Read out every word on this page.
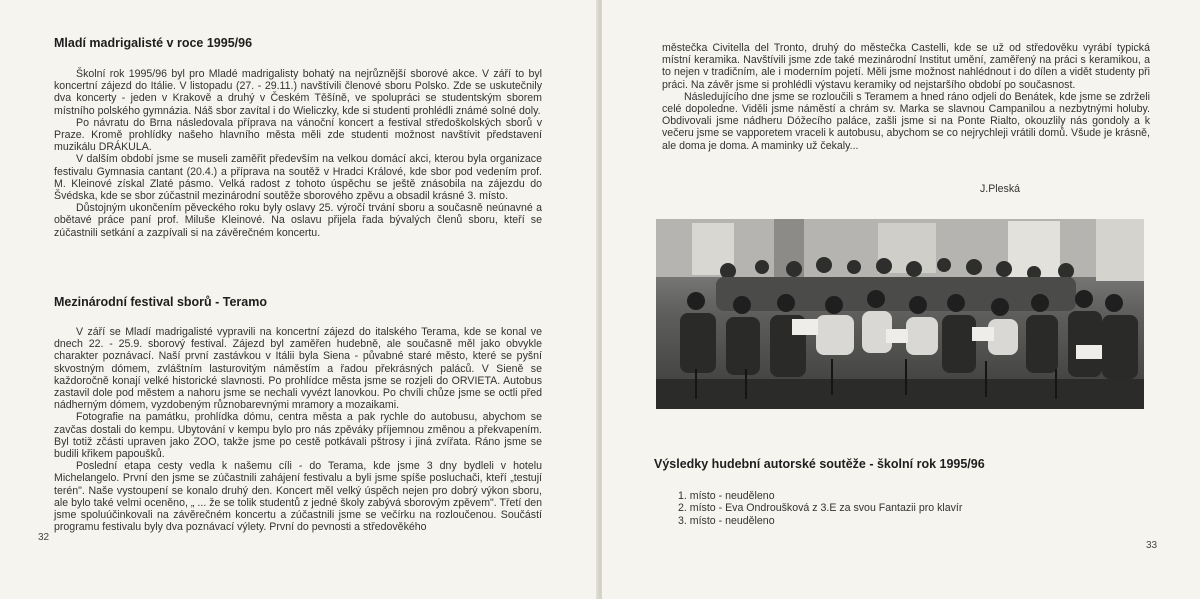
Mladí madrigalisté v roce 1995/96

Školní rok 1995/96 byl pro Mladé madrigalisty bohatý na nejrůznější sborové akce. V září to byl koncertní zájezd do Itálie. V listopadu (27. - 29.11.) navštívili členové sboru Polsko. Zde se uskutečnily dva koncerty - jeden v Krakově a druhý v Českém Těšíně, ve spolupráci se studentským sborem místního polského gymnázia. Náš sbor zavítal i do Wieliczky, kde si studenti prohlédli známé solné doly.

Po návratu do Brna následovala příprava na vánoční koncert a festival středoškolských sborů v Praze. Kromě prohlídky našeho hlavního města měli zde studenti možnost navštívit představení muzikálu DRÁKULA.

V dalším období jsme se museli zaměřit především na velkou domácí akci, kterou byla organizace festivalu Gymnasia cantant (20.4.) a příprava na soutěž v Hradci Králové, kde sbor pod vedením prof. M. Kleinové získal Zlaté pásmo. Velká radost z tohoto úspěchu se ještě znásobila na zájezdu do Švédska, kde se sbor zúčastnil mezinárodní soutěže sborového zpěvu a obsadil krásné 3. místo.

Důstojným ukončením pěveckého roku byly oslavy 25. výročí trvání sboru a současně neúnavné a obětavé práce paní prof. Miluše Kleinové. Na oslavu přijela řada bývalých členů sboru, kteří se zúčastnili setkání a zazpívali si na závěrečném koncertu.

Mezinárodní festival sborů - Teramo

V září se Mladí madrigalisté vypravili na koncertní zájezd do italského Terama, kde se konal ve dnech 22. - 25.9. sborový festival. Zájezd byl zaměřen hudebně, ale současně měl jako obvykle charakter poznávací. Naší první zastávkou v Itálii byla Siena - půvabné staré město, které se pyšní skvostným dómem, zvláštním lasturovitým náměstím a řadou překrásných paláců. V Sieně se každoročně konají velké historické slavnosti. Po prohlídce města jsme se rozjeli do ORVIETA. Autobus zastavil dole pod městem a nahoru jsme se nechali vyvézt lanovkou. Po chvíli chůze jsme se octli před nádherným dómem, vyzdobeným různobarevnými mramory a mozaikami.

Fotografie na památku, prohlídka dómu, centra města a pak rychle do autobusu, abychom se zavčas dostali do kempu. Ubytování v kempu bylo pro nás zpěváky příjemnou změnou a překvapením. Byl totiž zčásti upraven jako ZOO, takže jsme po cestě potkávali pštrosy i jiná zvířata. Ráno jsme se budili křikem papoušků.

Poslední etapa cesty vedla k našemu cíli - do Terama, kde jsme 3 dny bydleli v hotelu Michelangelo. První den jsme se zúčastnili zahájení festivalu a byli jsme spíše posluchači, kteří „testují terén". Naše vystoupení se konalo druhý den. Koncert měl velký úspěch nejen pro dobrý výkon sboru, ale bylo také velmi oceněno, „ ... že se tolik studentů z jedné školy zabývá sborovým zpěvem". Třetí den jsme spoluúčinkovali na závěrečném koncertu a zúčastnili jsme se večírku na rozloučenou. Součástí programu festivalu byly dva poznávací výlety. První do pevnosti a středověkého

32

městečka Civitella del Tronto, druhý do městečka Castelli, kde se už od středověku vyrábí typická místní keramika. Navštívili jsme zde také mezinárodní Institut umění, zaměřený na práci s keramikou, a to nejen v tradičním, ale i moderním pojetí. Měli jsme možnost nahlédnout i do dílen a vidět studenty při práci. Na závěr jsme si prohlédli výstavu keramiky od nejstaršího období po současnost.

Následujícího dne jsme se rozloučili s Teramem a hned ráno odjeli do Benátek, kde jsme se zdrželi celé dopoledne. Viděli jsme náměstí a chrám sv. Marka se slavnou Campanilou a nezbytnými holuby. Obdivovali jsme nádheru Dóžecího paláce, zašli jsme si na Ponte Rialto, okouzlily nás gondoly a k večeru jsme se vapporetem vraceli k autobusu, abychom se co nejrychleji vrátili domů. Všude je krásně, ale doma je doma. A maminky už čekaly...

J.Pleská
Výsledky hudební autorské soutěže - školní rok 1995/96
1. místo - neuděleno
2. místo - Eva Ondroušková z 3.E za svou Fantazii pro klavír
3. místo - neuděleno
33
